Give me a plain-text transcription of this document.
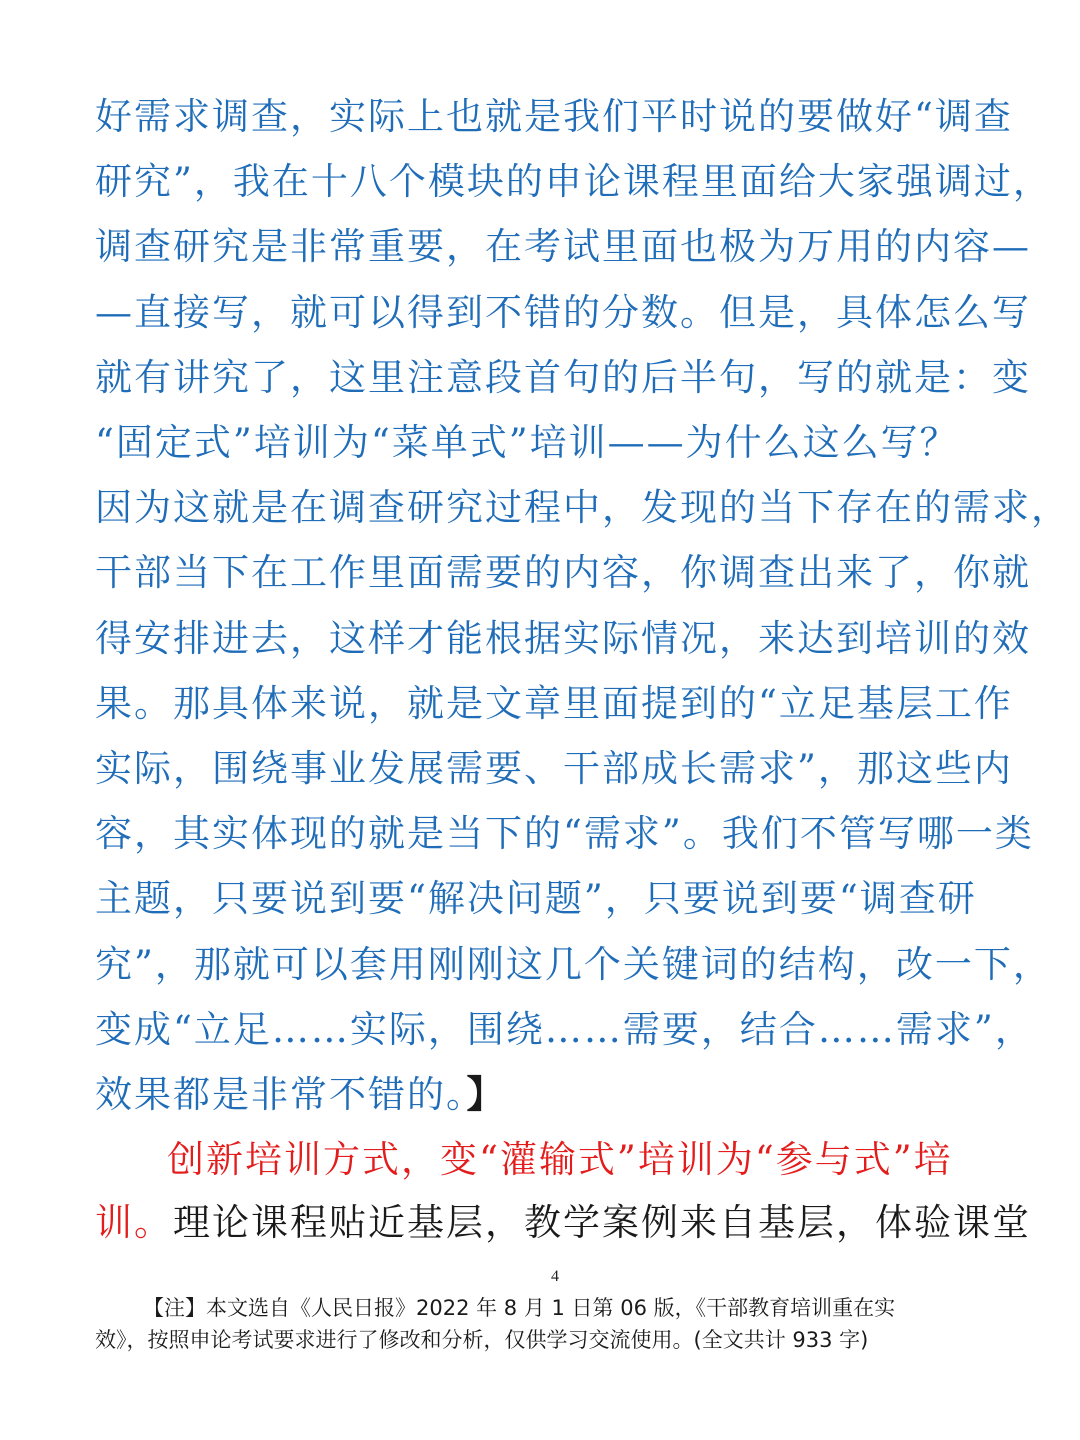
好需求调查，实际上也就是我们平时说的要做好“调查
研究”，我在十八个模块的申论课程里面给大家强调过，
调查研究是非常重要，在考试里面也极为万用的内容—
—直接写，就可以得到不错的分数。但是，具体怎么写
就有讲究了，这里注意段首句的后半句，写的就是：变
“固定式”培训为“菜单式”培训——为什么这么写？
因为这就是在调查研究过程中，发现的当下存在的需求，
干部当下在工作里面需要的内容，你调查出来了，你就
得安排进去，这样才能根据实际情况，来达到培训的效
果。那具体来说，就是文章里面提到的“立足基层工作
实际，围绕事业发展需要、干部成长需求”，那这些内
容，其实体现的就是当下的“需求”。我们不管写哪一类
主题，只要说到要“解决问题”，只要说到要“调查研
究”，那就可以套用刚刚这几个关键词的结构，改一下，
变成“立足……实际，围绕……需要，结合……需求”，
效果都是非常不错的。】
创新培训方式，变“灌输式”培训为“参与式”培
训。理论课程贴近基层，教学案例来自基层，体验课堂
4
【注】本文选自《人民日报》2022 年 8 月 1 日第 06 版，《干部教育培训重在实
效》，按照申论考试要求进行了修改和分析，仅供学习交流使用。(全文共计 933 字)
